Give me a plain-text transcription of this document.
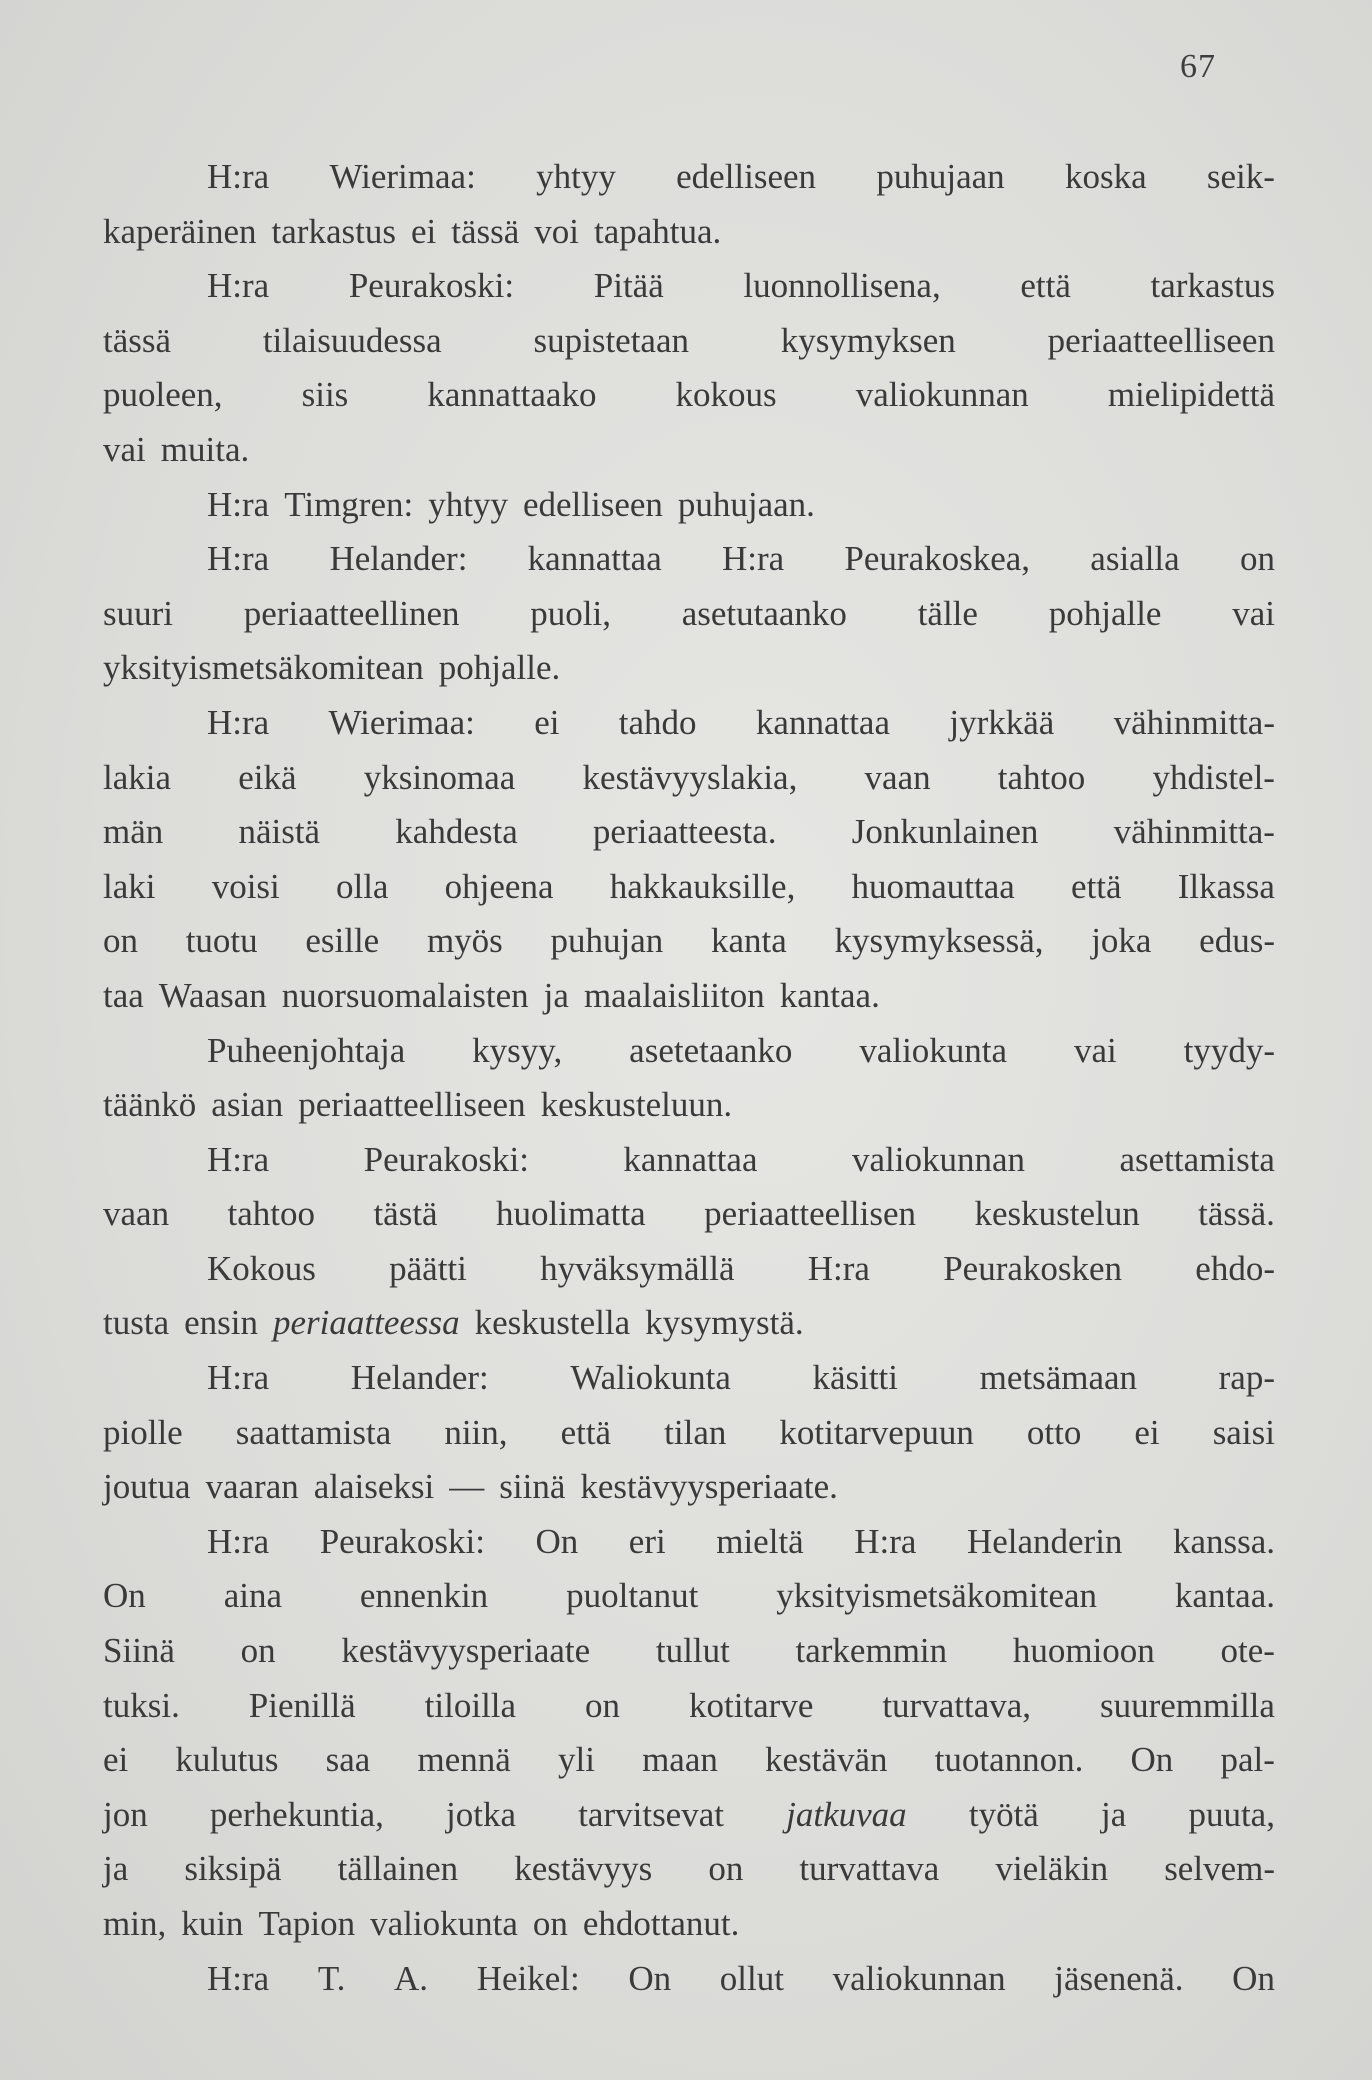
67
H:ra Wierimaa: yhtyy edelliseen puhujaan koska seik-
kaperäinen tarkastus ei tässä voi tapahtua.
H:ra Peurakoski: Pitää luonnollisena, että tarkastus
tässä	tilaisuudessa	supistetaan	kysymyksen	periaatteelliseen
puoleen, siis kannattaako kokous valiokunnan mielipidettä
vai muita.
H:ra Timgren: yhtyy edelliseen puhujaan.
H:ra Helander: kannattaa H:ra Peurakoskea, asialla on
suuri periaatteellinen puoli, asetutaanko tälle pohjalle vai
yksityismetsäkomitean pohjalle.
H:ra Wierimaa: ei tahdo kannattaa jyrkkää vähinmitta-
lakia eikä yksinomaa kestävyyslakia, vaan tahtoo yhdistel-
män näistä kahdesta periaatteesta. Jonkunlainen vähinmitta-
laki voisi olla ohjeena hakkauksille, huomauttaa että Ilkassa
on tuotu esille myös puhujan kanta kysymyksessä, joka edus-
taa Waasan nuorsuomalaisten ja maalaisliiton kantaa.
Puheenjohtaja kysyy, asetetaanko valiokunta vai tyydy-
täänkö asian periaatteelliseen keskusteluun.
H:ra	Peurakoski:	kannattaa	valiokunnan	asettamista
vaan tahtoo tästä huolimatta periaatteellisen keskustelun tässä.
Kokous päätti hyväksymällä H:ra Peurakosken ehdo-
tusta ensin periaatteessa keskustella kysymystä.
H:ra Helander: Waliokunta käsitti metsämaan rap-
piolle saattamista niin, että tilan kotitarvepuun otto ei saisi
joutua vaaran alaiseksi — siinä kestävyysperiaate.
H:ra Peurakoski: On eri mieltä H:ra Helanderin kanssa.
On aina ennenkin puoltanut yksityismetsäkomitean kantaa.
Siinä on kestävyysperiaate tullut tarkemmin huomioon ote-
tuksi. Pienillä tiloilla on kotitarve turvattava, suuremmilla
ei kulutus saa mennä yli maan kestävän tuotannon. On pal-
jon perhekuntia, jotka tarvitsevat jatkuvaa työtä ja puuta,
ja siksipä tällainen kestävyys on turvattava vieläkin selvem-
min, kuin Tapion valiokunta on ehdottanut.
H:ra T. A. Heikel: On ollut valiokunnan jäsenenä. On
